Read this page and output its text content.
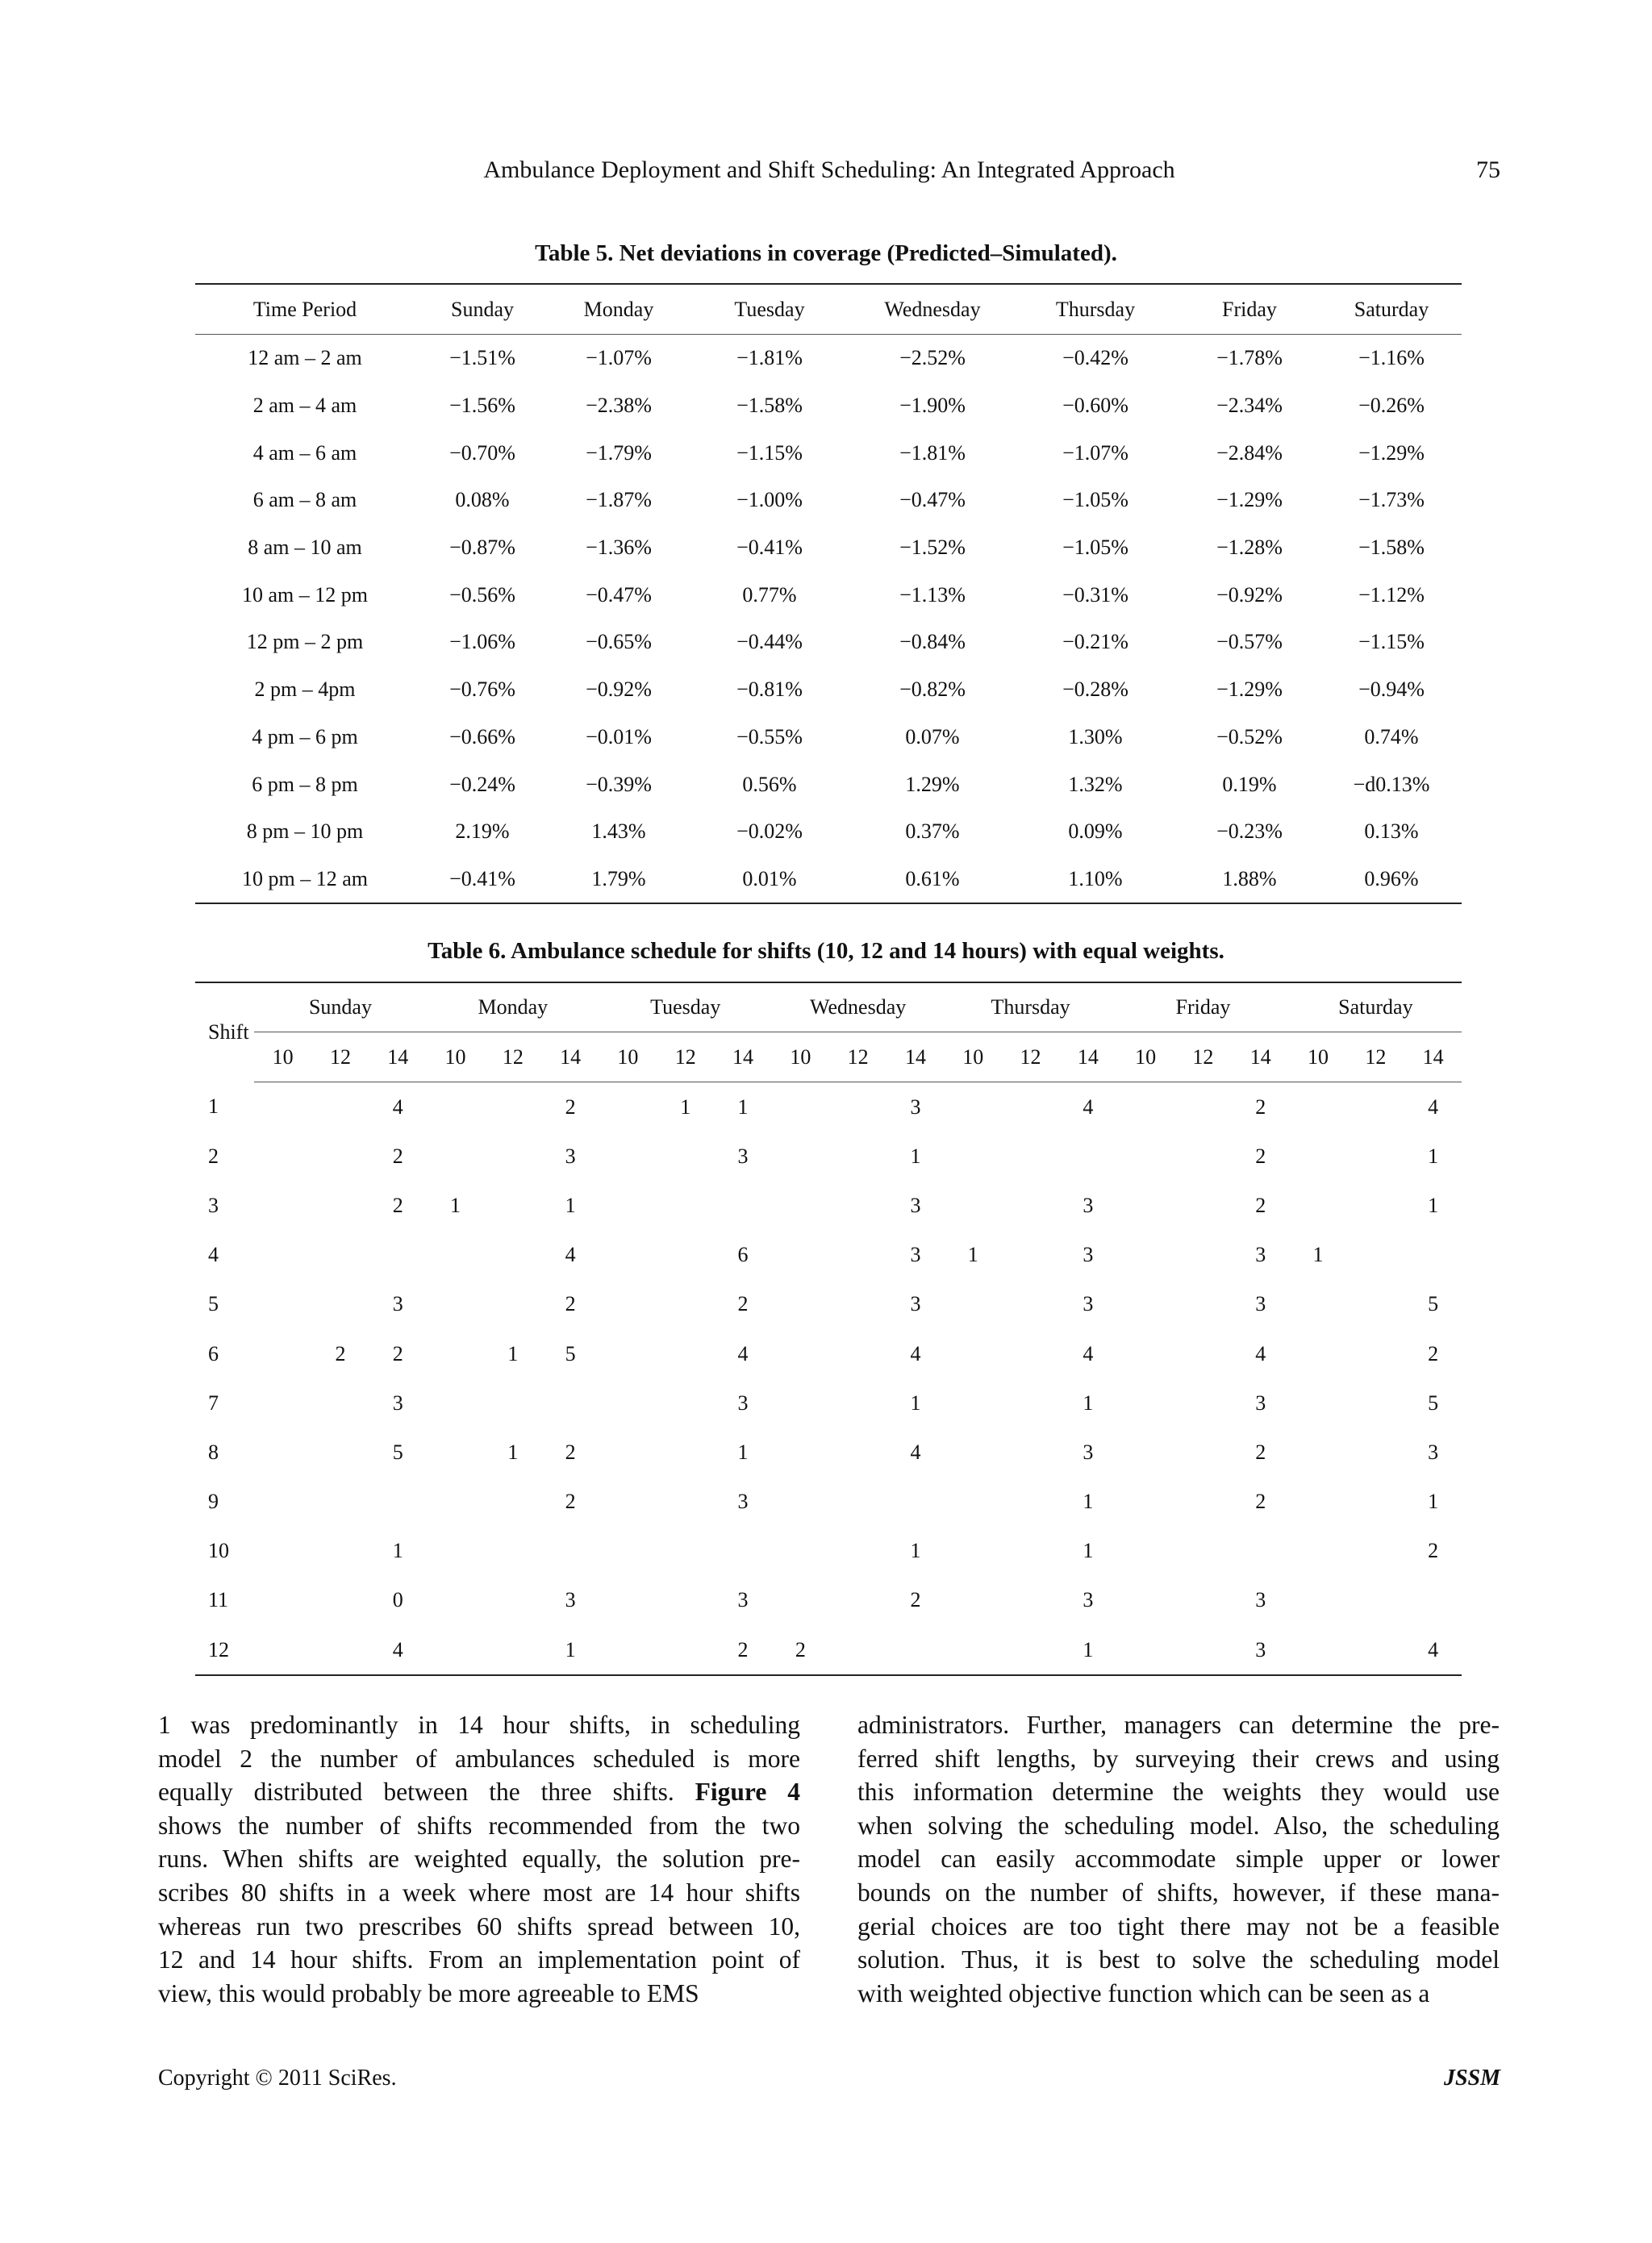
Ambulance Deployment and Shift Scheduling: An Integrated Approach	75
Table 5. Net deviations in coverage (Predicted–Simulated).
Time Period	Sunday	Monday	Tuesday	Wednesday	Thursday	Friday	Saturday
12 am – 2 am	−1.51%	−1.07%	−1.81%	−2.52%	−0.42%	−1.78%	−1.16%
2 am – 4 am	−1.56%	−2.38%	−1.58%	−1.90%	−0.60%	−2.34%	−0.26%
4 am – 6 am	−0.70%	−1.79%	−1.15%	−1.81%	−1.07%	−2.84%	−1.29%
6 am – 8 am	0.08%	−1.87%	−1.00%	−0.47%	−1.05%	−1.29%	−1.73%
8 am – 10 am	−0.87%	−1.36%	−0.41%	−1.52%	−1.05%	−1.28%	−1.58%
10 am – 12 pm	−0.56%	−0.47%	0.77%	−1.13%	−0.31%	−0.92%	−1.12%
12 pm – 2 pm	−1.06%	−0.65%	−0.44%	−0.84%	−0.21%	−0.57%	−1.15%
2 pm – 4pm	−0.76%	−0.92%	−0.81%	−0.82%	−0.28%	−1.29%	−0.94%
4 pm – 6 pm	−0.66%	−0.01%	−0.55%	0.07%	1.30%	−0.52%	0.74%
6 pm – 8 pm	−0.24%	−0.39%	0.56%	1.29%	1.32%	0.19%	−d0.13%
8 pm – 10 pm	2.19%	1.43%	−0.02%	0.37%	0.09%	−0.23%	0.13%
10 pm – 12 am	−0.41%	1.79%	0.01%	0.61%	1.10%	1.88%	0.96%
Table 6. Ambulance schedule for shifts (10, 12 and 14 hours) with equal weights.
Shift	Sunday			Monday			Tuesday			Wednesday			Thursday			Friday			Saturday		
	10	12	14	10	12	14	10	12	14	10	12	14	10	12	14	10	12	14	10	12	14
1			4			2		1	1			3			4			2			4
2			2			3			3			1						2			1
3			2	1		1						3			3			2			1
4						4			6			3	1		3			3	1		
5			3			2			2			3			3			3			5
6		2	2		1	5			4			4			4			4			2
7			3						3			1			1			3			5
8			5		1	2			1			4			3			2			3
9						2			3						1			2			1
10			1									1			1						2
11			0			3			3			2			3			3			
12			4			1			2	2					1			3			4
1 was predominantly in 14 hour shifts, in scheduling
model 2 the number of ambulances scheduled is more
equally distributed between the three shifts. Figure 4
shows the number of shifts recommended from the two
runs. When shifts are weighted equally, the solution pre-
scribes 80 shifts in a week where most are 14 hour shifts
whereas run two prescribes 60 shifts spread between 10,
12 and 14 hour shifts. From an implementation point of
view, this would probably be more agreeable to EMS
administrators. Further, managers can determine the pre-
ferred shift lengths, by surveying their crews and using
this information determine the weights they would use
when solving the scheduling model. Also, the scheduling
model can easily accommodate simple upper or lower
bounds on the number of shifts, however, if these mana-
gerial choices are too tight there may not be a feasible
solution. Thus, it is best to solve the scheduling model
with weighted objective function which can be seen as a
Copyright © 2011 SciRes.	JSSM
